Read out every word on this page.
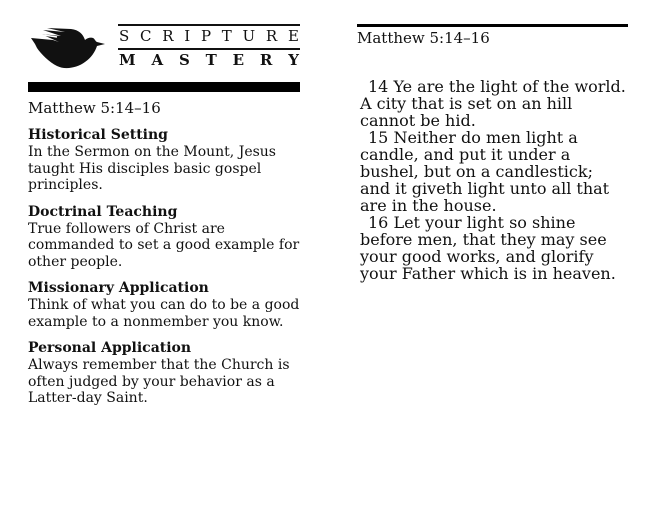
S C R I P T U R E
M A S T E R Y
Matthew 5:14–16
Historical Setting

In the Sermon on the Mount, Jesus taught His disciples basic gospel principles.

Doctrinal Teaching

True followers of Christ are commanded to set a good example for other people.

Missionary Application

Think of what you can do to be a good example to a nonmember you know.

Personal Application

Always remember that the Church is often judged by your behavior as a Latter-day Saint.

Matthew 5:14–16

14 Ye are the light of the world. A city that is set on an hill cannot be hid.

15 Neither do men light a candle, and put it under a bushel, but on a candlestick; and it giveth light unto all that are in the house.

16 Let your light so shine before men, that they may see your good works, and glorify your Father which is in heaven.
